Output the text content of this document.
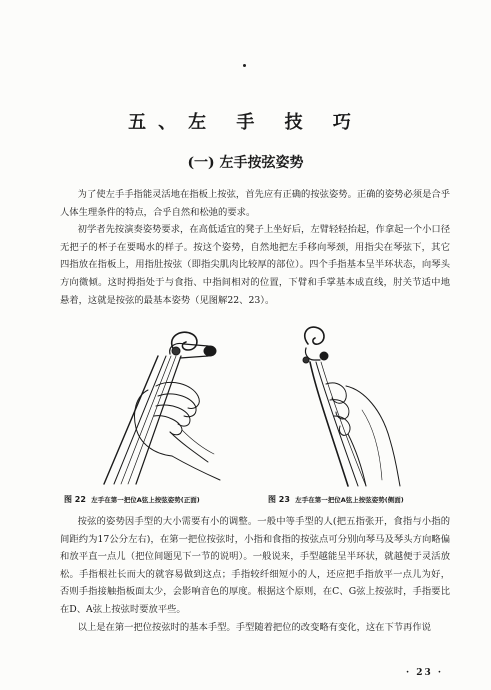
五、左 手 技 巧
(一) 左手按弦姿势

为了使左手手指能灵活地在指板上按弦，首先应有正确的按弦姿势。正确的姿势必须是合乎人体生理条件的特点，合乎自然和松弛的要求。

初学者先按演奏姿势要求，在高低适宜的凳子上坐好后，左臂轻轻抬起，作拿起一个小口径无把子的杯子在要喝水的样子。按这个姿势，自然地把左手移向琴颈，用指尖在琴弦下，其它四指放在指板上，用指肚按弦（即指尖肌肉比较厚的部位）。四个手指基本呈半环状态，向琴头方向微倾。这时拇指处于与食指、中指间相对的位置，下臂和手掌基本成直线，肘关节适中地悬着，这就是按弦的最基本姿势（见图解22、23）。

图 22 左手在第一把位A弦上按弦姿势(正面)	图 23 左手在第一把位A弦上按弦姿势(侧面)

按弦的姿势因手型的大小需要有小的调整。一般中等手型的人(把五指张开，食指与小指的间距约为17公分左右)，在第一把位按弦时，小指和食指的按弦点可分别向琴马及琴头方向略偏和放平直一点儿（把位间题见下一节的说明）。一般说来，手型越能呈半环状，就越便于灵活放松。手指根社长而大的就容易做到这点；手指较纤细短小的人，还应把手指放平一点儿为好，否则手指接触指板面太少，会影响音色的厚度。根据这个原则，在C、G弦上按弦时，手指要比在D、A弦上按弦时要放平些。

以上是在第一把位按弦时的基本手型。手型随着把位的改变略有变化，这在下节再作说

· 23 ·
